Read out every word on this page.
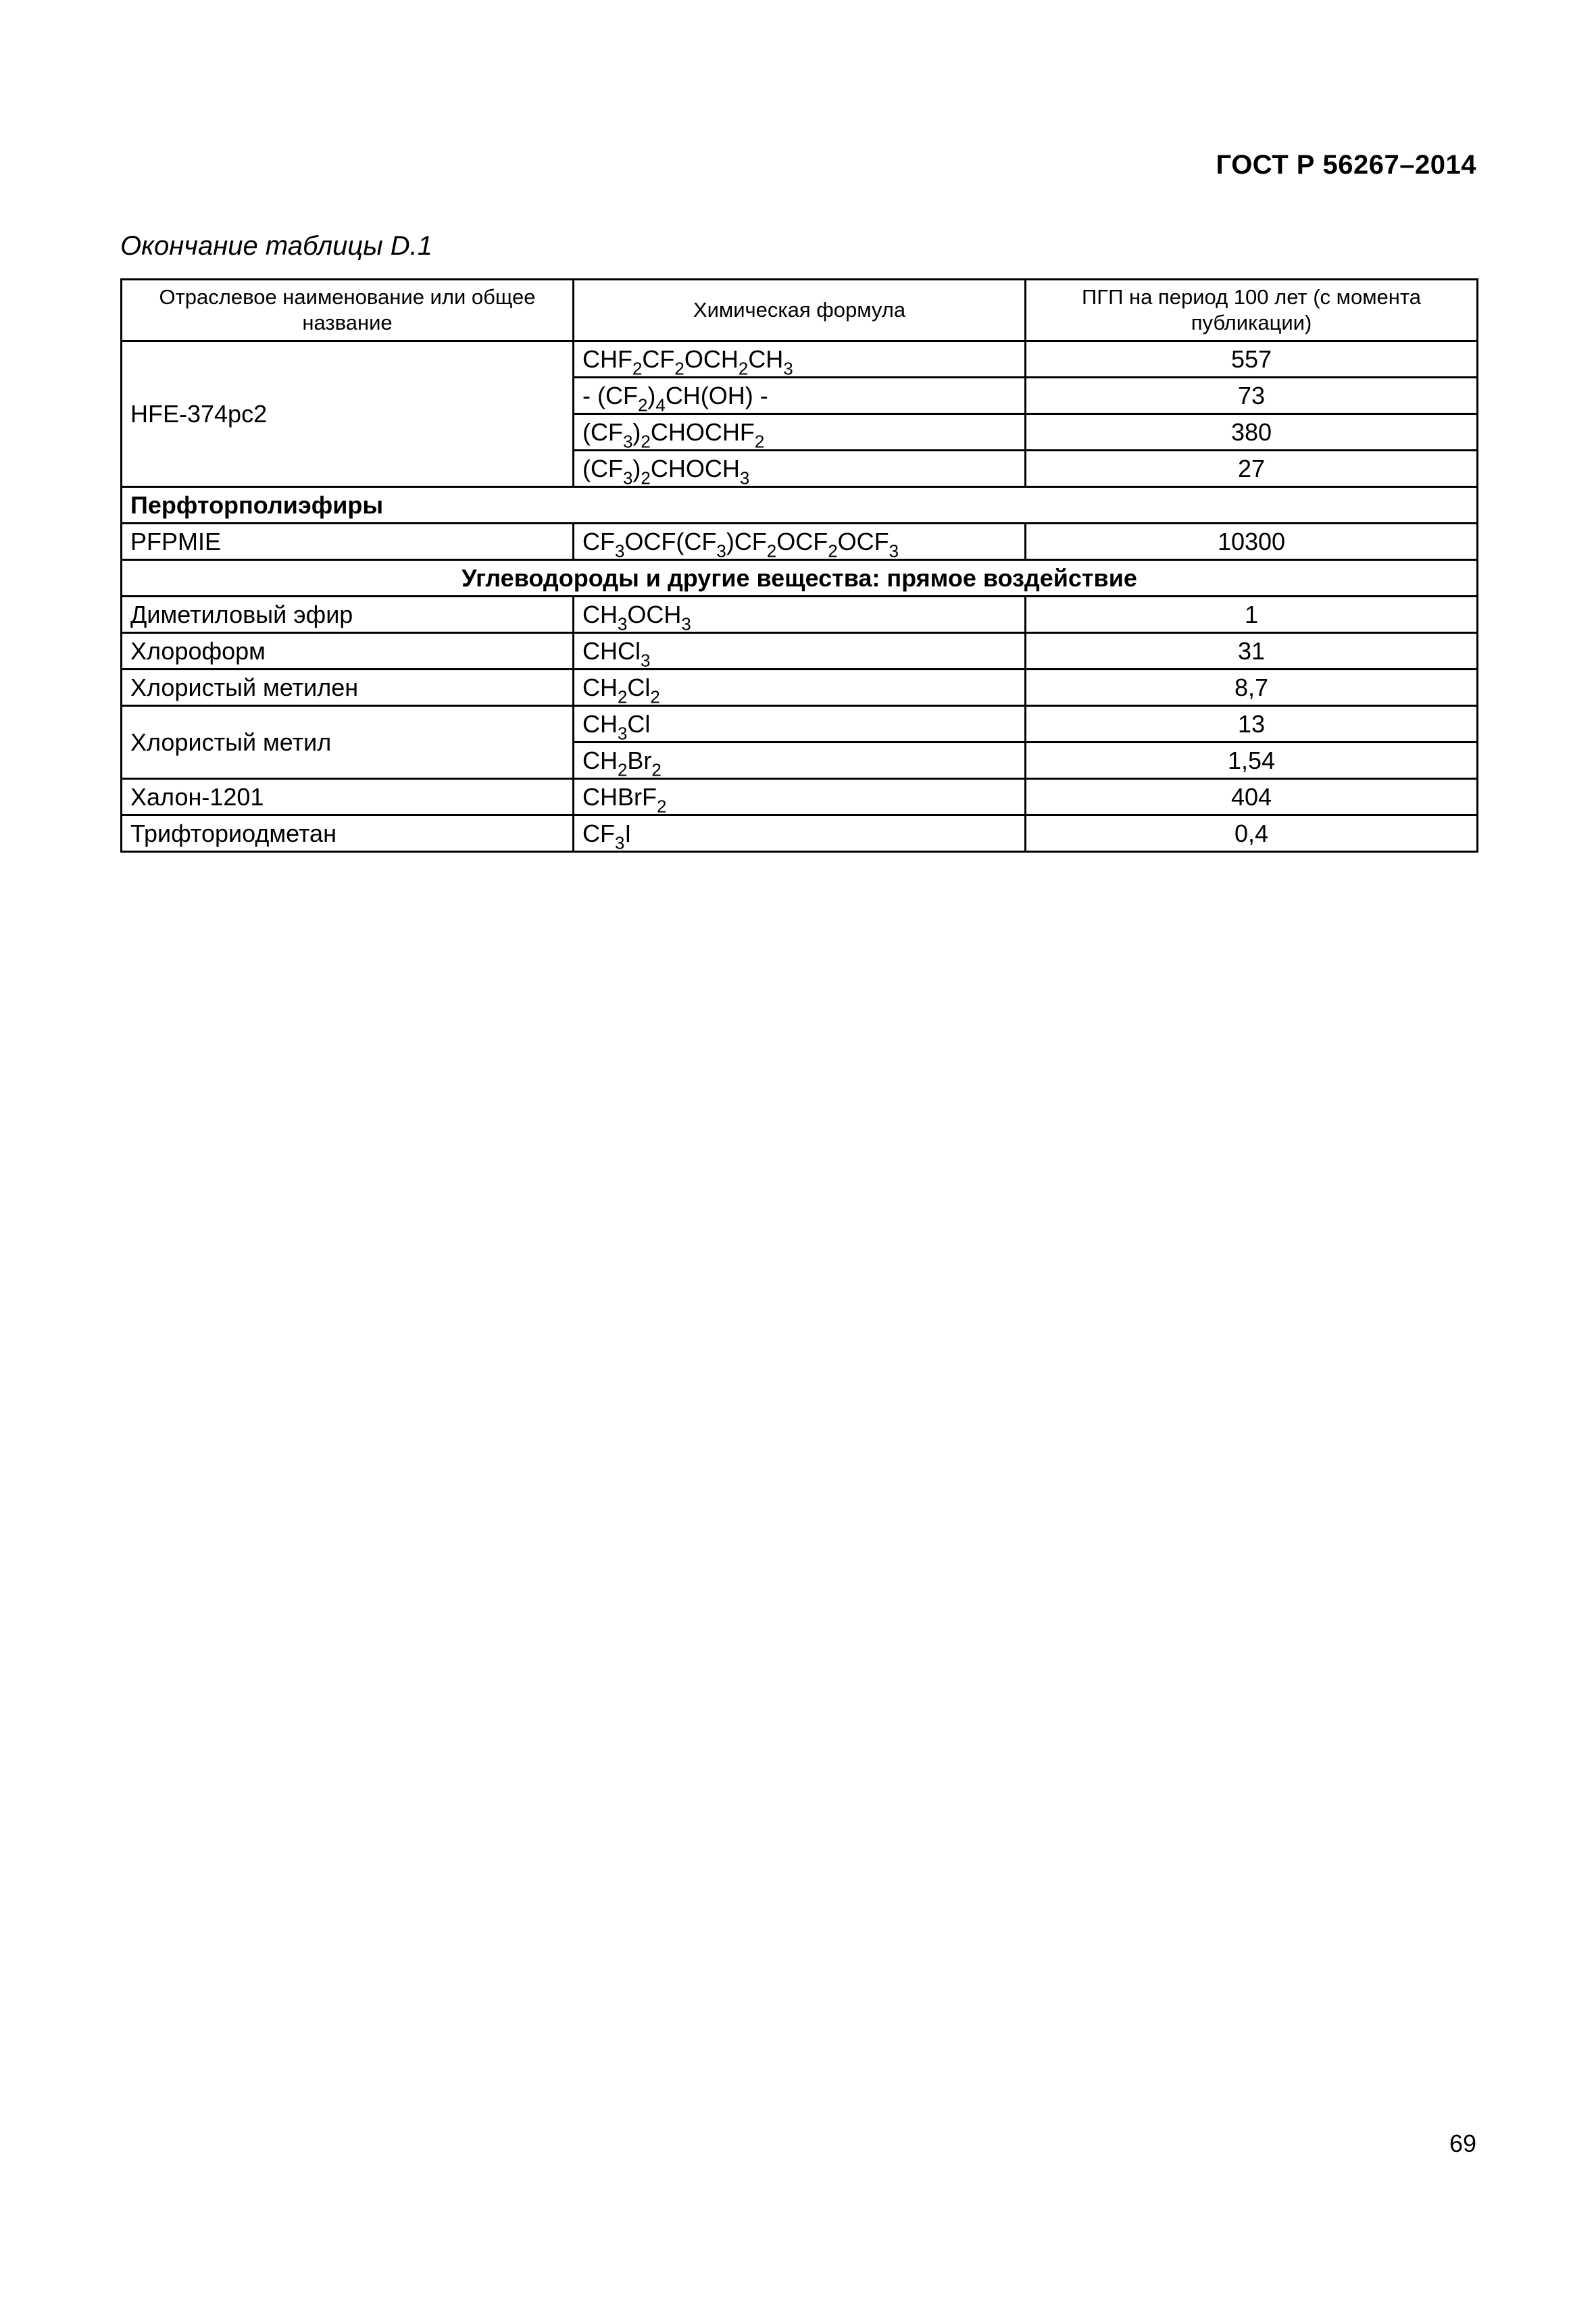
ГОСТ Р 56267–2014
Окончание таблицы D.1
Отраслевое наименование или общее название	Химическая формула	ПГП на период 100 лет (с момента публикации)
HFE-374pc2	$CHF_2CF_2OCH_2CH_3$	557
	- $(CF_2)_4CH(OH)$ -	73
	$(CF_3)_2CHOCHF_2$	380
	$(CF_3)_2CHOCH_3$	27
Перфторполиэфиры		
PFPMIE	$CF_3OCF(CF_3)CF_2OCF_2OCF_3$	10300
Углеводороды и другие вещества: прямое воздействие		
Диметиловый эфир	$CH_3OCH_3$	1
Хлороформ	CHCl$_3$	31
Хлористый метилен	$CH_2Cl_2$	8,7
Хлористый метил	$CH_3Cl$	13
	$CH_2Br_2$	1,54
Халон-1201	CHBrF$_2$	404
Трифториодметан	$CF_3I$	0,4
69
